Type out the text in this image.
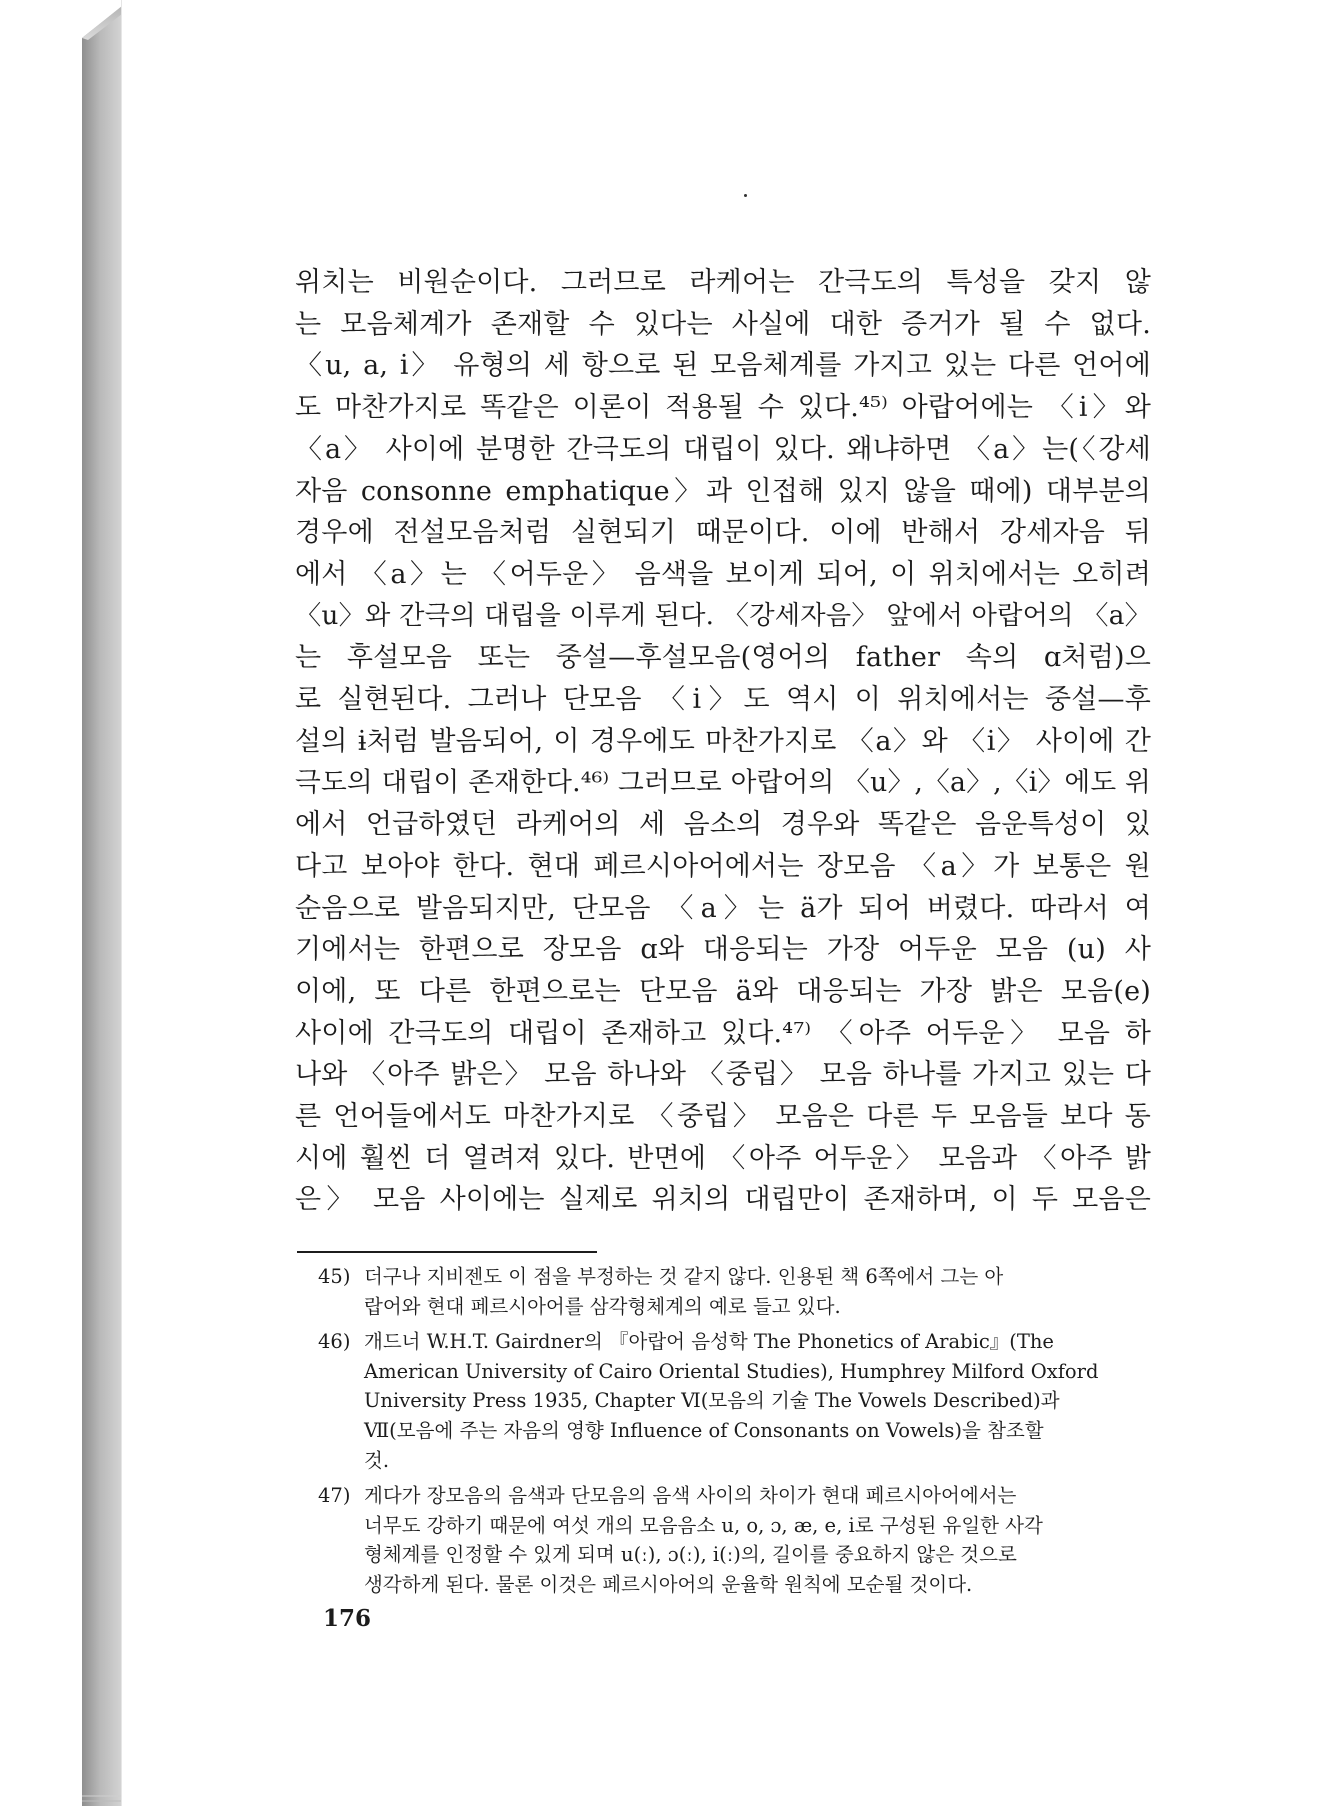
위치는 비원순이다. 그러므로 라케어는 간극도의 특성을 갖지 않
는 모음체계가 존재할 수 있다는 사실에 대한 증거가 될 수 없다.
〈u, a, i〉 유형의 세 항으로 된 모음체계를 가지고 있는 다른 언어에
도 마찬가지로 똑같은 이론이 적용될 수 있다.⁴⁵⁾ 아랍어에는 〈i〉와
〈a〉 사이에 분명한 간극도의 대립이 있다. 왜냐하면 〈a〉는(〈강세
자음 consonne emphatique〉과 인접해 있지 않을 때에) 대부분의
경우에 전설모음처럼 실현되기 때문이다. 이에 반해서 강세자음 뒤
에서 〈a〉는 〈어두운〉 음색을 보이게 되어, 이 위치에서는 오히려
〈u〉와 간극의 대립을 이루게 된다. 〈강세자음〉 앞에서 아랍어의 〈a〉
는 후설모음 또는 중설—후설모음(영어의 father 속의 ɑ처럼)으
로 실현된다. 그러나 단모음 〈i〉도 역시 이 위치에서는 중설—후
설의 ɨ처럼 발음되어, 이 경우에도 마찬가지로 〈a〉와 〈i〉 사이에 간
극도의 대립이 존재한다.⁴⁶⁾ 그러므로 아랍어의 〈u〉,〈a〉,〈i〉에도 위
에서 언급하였던 라케어의 세 음소의 경우와 똑같은 음운특성이 있
다고 보아야 한다. 현대 페르시아어에서는 장모음 〈a〉가 보통은 원
순음으로 발음되지만, 단모음 〈a〉는 ä가 되어 버렸다. 따라서 여
기에서는 한편으로 장모음 ɑ와 대응되는 가장 어두운 모음 (u) 사
이에, 또 다른 한편으로는 단모음 ä와 대응되는 가장 밝은 모음(e)
사이에 간극도의 대립이 존재하고 있다.⁴⁷⁾ 〈아주 어두운〉 모음 하
나와 〈아주 밝은〉 모음 하나와 〈중립〉 모음 하나를 가지고 있는 다
른 언어들에서도 마찬가지로 〈중립〉 모음은 다른 두 모음들 보다 동
시에 훨씬 더 열려져 있다. 반면에 〈아주 어두운〉 모음과 〈아주 밝
은〉 모음 사이에는 실제로 위치의 대립만이 존재하며, 이 두 모음은
45) 더구나 지비젠도 이 점을 부정하는 것 같지 않다. 인용된 책 6쪽에서 그는 아
랍어와 현대 페르시아어를 삼각형체계의 예로 들고 있다.
46) 개드너 W.H.T. Gairdner의 『아랍어 음성학 The Phonetics of Arabic』(The
American University of Cairo Oriental Studies), Humphrey Milford Oxford
University Press 1935, Chapter Ⅵ(모음의 기술 The Vowels Described)과
Ⅶ(모음에 주는 자음의 영향 Influence of Consonants on Vowels)을 참조할
것.
47) 게다가 장모음의 음색과 단모음의 음색 사이의 차이가 현대 페르시아어에서는
너무도 강하기 때문에 여섯 개의 모음음소 u, o, ɔ, æ, e, i로 구성된 유일한 사각
형체계를 인정할 수 있게 되며 u(ː), ɔ(ː), i(ː)의, 길이를 중요하지 않은 것으로
생각하게 된다. 물론 이것은 페르시아어의 운율학 원칙에 모순될 것이다.
176
